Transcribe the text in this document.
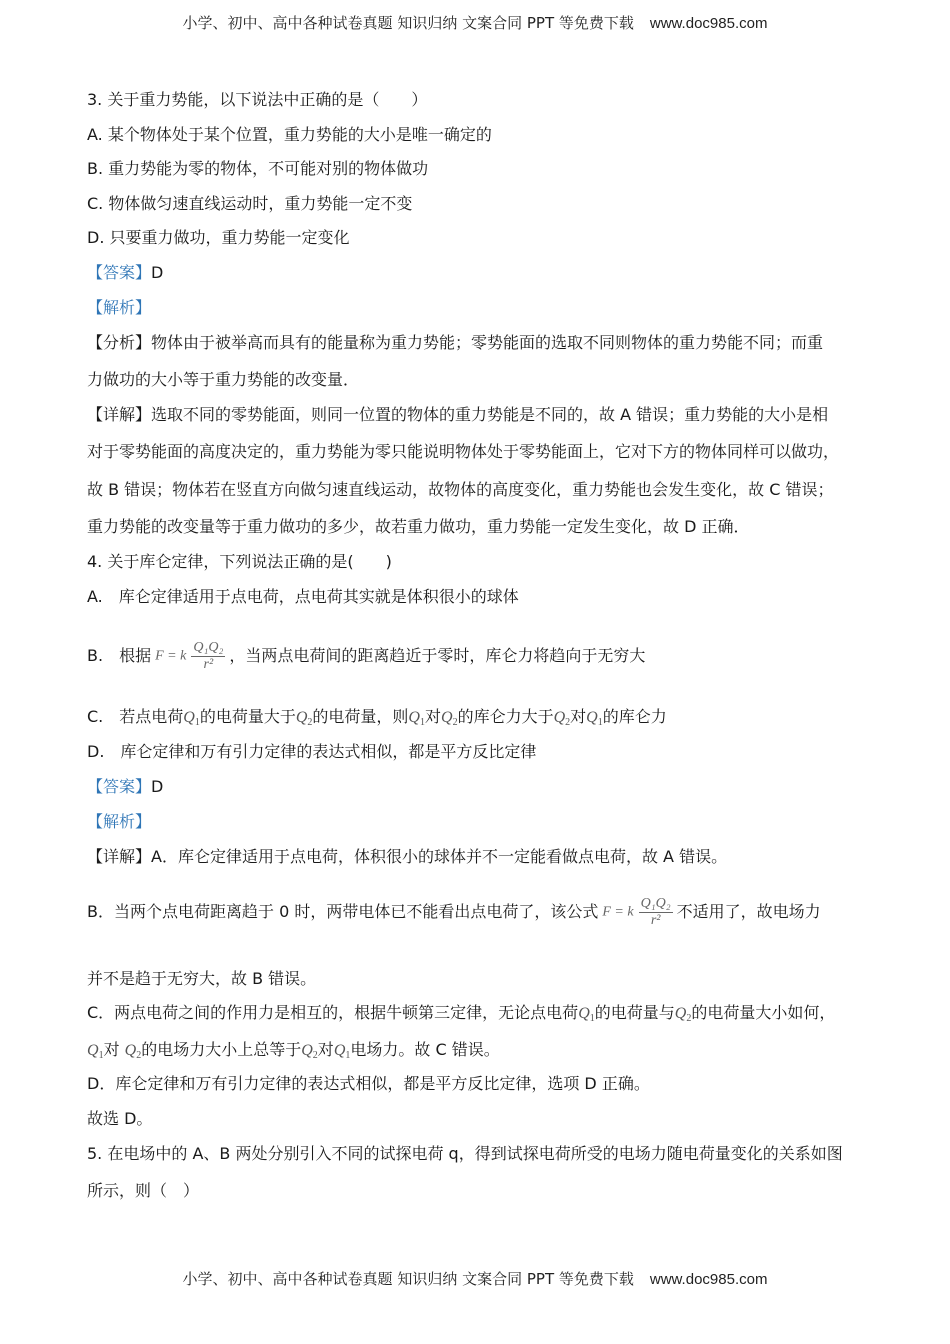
小学、初中、高中各种试卷真题 知识归纳 文案合同 PPT 等免费下载 www.doc985.com
3. 关于重力势能，以下说法中正确的是（　　）
A. 某个物体处于某个位置，重力势能的大小是唯一确定的
B. 重力势能为零的物体，不可能对别的物体做功
C. 物体做匀速直线运动时，重力势能一定不变
D. 只要重力做功，重力势能一定变化
【答案】D
【解析】
【分析】物体由于被举高而具有的能量称为重力势能；零势能面的选取不同则物体的重力势能不同；而重
力做功的大小等于重力势能的改变量．
【详解】选取不同的零势能面，则同一位置的物体的重力势能是不同的，故 A 错误；重力势能的大小是相
对于零势能面的高度决定的，重力势能为零只能说明物体处于零势能面上，它对下方的物体同样可以做功，
故 B 错误；物体若在竖直方向做匀速直线运动，故物体的高度变化，重力势能也会发生变化，故 C 错误；
重力势能的改变量等于重力做功的多少，故若重力做功，重力势能一定发生变化，故 D 正确．
4. 关于库仑定律，下列说法正确的是(　　)
A.　库仑定律适用于点电荷，点电荷其实就是体积很小的球体
B.　根据 F = k $\frac{\text{Q₁Q₂}}{\text{r²}}$ ，当两点电荷间的距离趋近于零时，库仑力将趋向于无穷大
C.　若点电荷$Q_1$的电荷量大于$Q_2$的电荷量，则$Q_1$对$Q_2$的库仑力大于$Q_2$对$Q_1$的库仑力
D.　库仑定律和万有引力定律的表达式相似，都是平方反比定律
【答案】D
【解析】
【详解】A．库仑定律适用于点电荷，体积很小的球体并不一定能看做点电荷，故 A 错误。
B．当两个点电荷距离趋于 0 时，两带电体已不能看出点电荷了，该公式 F = k $\frac{\text{Q₁Q₂}}{\text{r²}}$ 不适用了，故电场力
并不是趋于无穷大，故 B 错误。
C．两点电荷之间的作用力是相互的，根据牛顿第三定律，无论点电荷$Q_1$的电荷量与$Q_2$的电荷量大小如何，
$Q_1$对 $Q_2$的电场力大小上总等于$Q_2$对$Q_1$电场力。故 C 错误。
D．库仑定律和万有引力定律的表达式相似，都是平方反比定律，选项 D 正确。
故选 D。
5. 在电场中的 A、B 两处分别引入不同的试探电荷 q，得到试探电荷所受的电场力随电荷量变化的关系如图
所示，则（　）
小学、初中、高中各种试卷真题 知识归纳 文案合同 PPT 等免费下载 www.doc985.com
